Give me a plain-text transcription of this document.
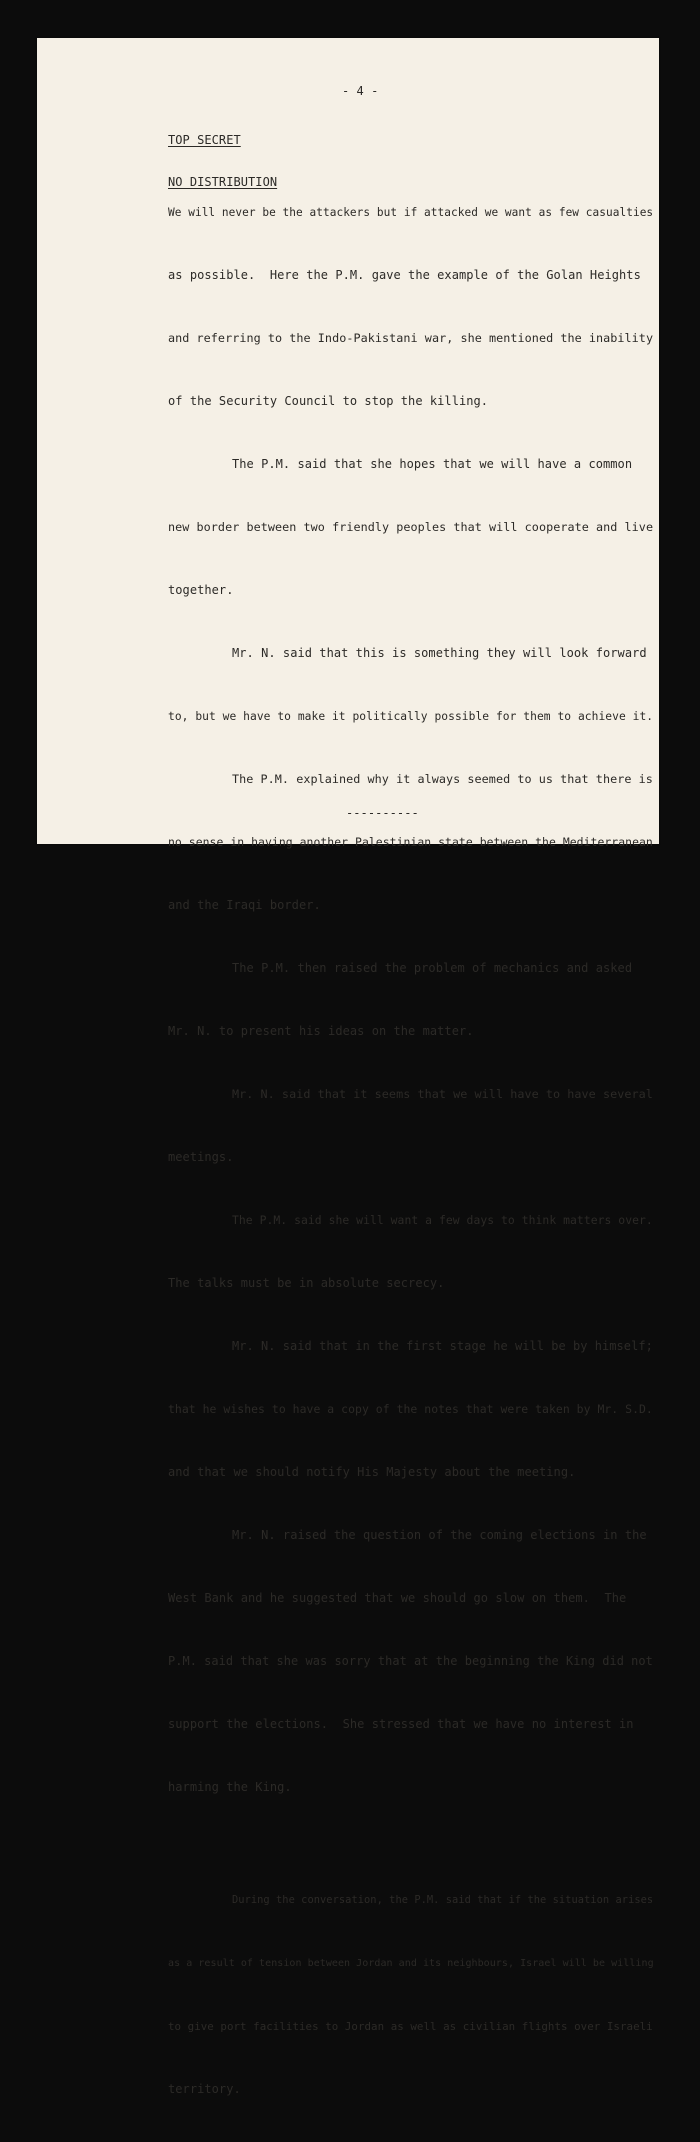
- 4 -

TOP SECRET

NO DISTRIBUTION

We will never be the attackers but if attacked we want as few casualties

as possible.  Here the P.M. gave the example of the Golan Heights

and referring to the Indo-Pakistani war, she mentioned the inability

of the Security Council to stop the killing.

The P.M. said that she hopes that we will have a common

new border between two friendly peoples that will cooperate and live

together.

Mr. N. said that this is something they will look forward

to, but we have to make it politically possible for them to achieve it.

The P.M. explained why it always seemed to us that there is

no sense in having another Palestinian state between the Mediterranean

and the Iraqi border.

The P.M. then raised the problem of mechanics and asked

Mr. N. to present his ideas on the matter.

Mr. N. said that it seems that we will have to have several

meetings.

The P.M. said she will want a few days to think matters over.

The talks must be in absolute secrecy.

Mr. N. said that in the first stage he will be by himself;

that he wishes to have a copy of the notes that were taken by Mr. S.D.

and that we should notify His Majesty about the meeting.

Mr. N. raised the question of the coming elections in the

West Bank and he suggested that we should go slow on them.  The

P.M. said that she was sorry that at the beginning the King did not

support the elections.  She stressed that we have no interest in

harming the King.

During the conversation, the P.M. said that if the situation arises

as a result of tension between Jordan and its neighbours, Israel will be willing

to give port facilities to Jordan as well as civilian flights over Israeli

territory.

----------
